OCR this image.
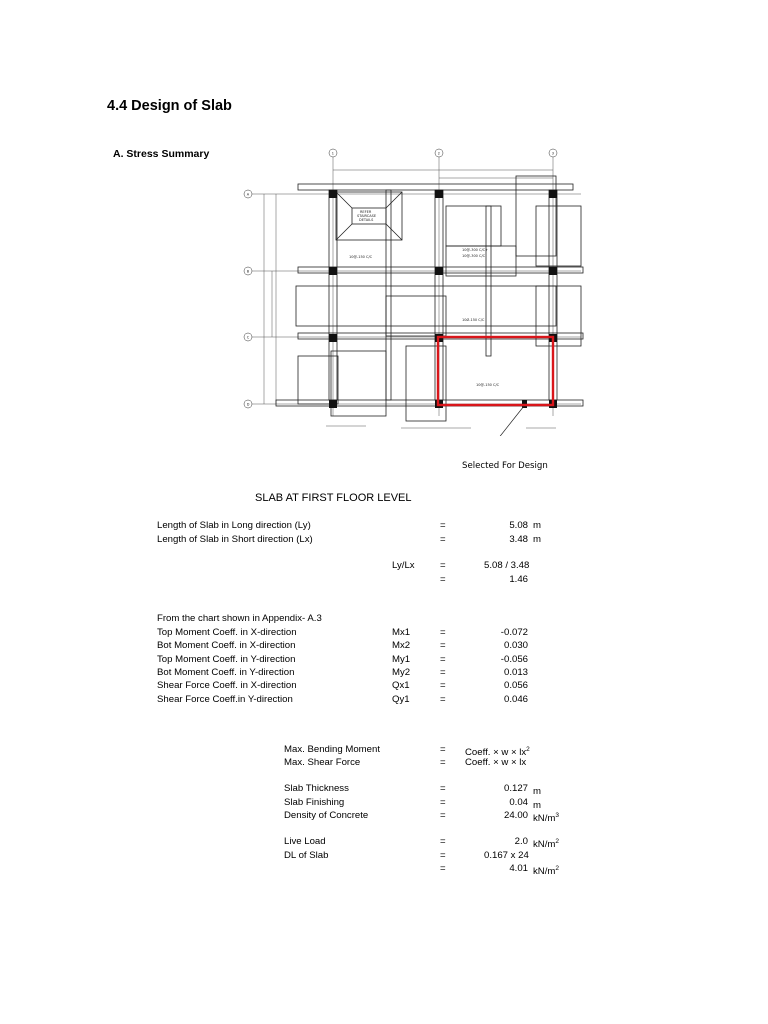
4.4 Design of Slab
A. Stress Summary	1	2	3
A
B
C
D
REFER
STAIRCASE
DETAILS
10@-150 C/C
10@-300 C/C+
10@-300 C/C
10Ø-150 C/C
10@-150 C/C
Selected For Design
SLAB AT FIRST FLOOR LEVEL
Length of Slab in Long direction (Ly)	=	5.08 m
Length of Slab in Short direction (Lx)	=	3.48 m
Ly/Lx	=	5.08 / 3.48
=	1.46
From the chart shown in Appendix- A.3
Top Moment Coeff. in X-direction	Mx1	=	-0.072
Bot Moment Coeff. in X-direction	Mx2	=	0.030
Top Moment Coeff. in Y-direction	My1	=	-0.056
Bot Moment Coeff. in Y-direction	My2	=	0.013
Shear Force Coeff. in X-direction	Qx1	=	0.056
Shear Force Coeff.in Y-direction	Qy1	=	0.046
Max. Bending Moment	= Coeff. × $w \times lx^2$
Max. Shear Force	= Coeff. × w × lx
Slab Thickness	=	0.127 m
Slab Finishing	=	0.04 m
Density of Concrete	=	24.00 $kN/m^3$
Live Load	=	2.0 $kN/m^2$
DL of Slab	=	0.167 x 24
=	4.01 $kN/m^2$
